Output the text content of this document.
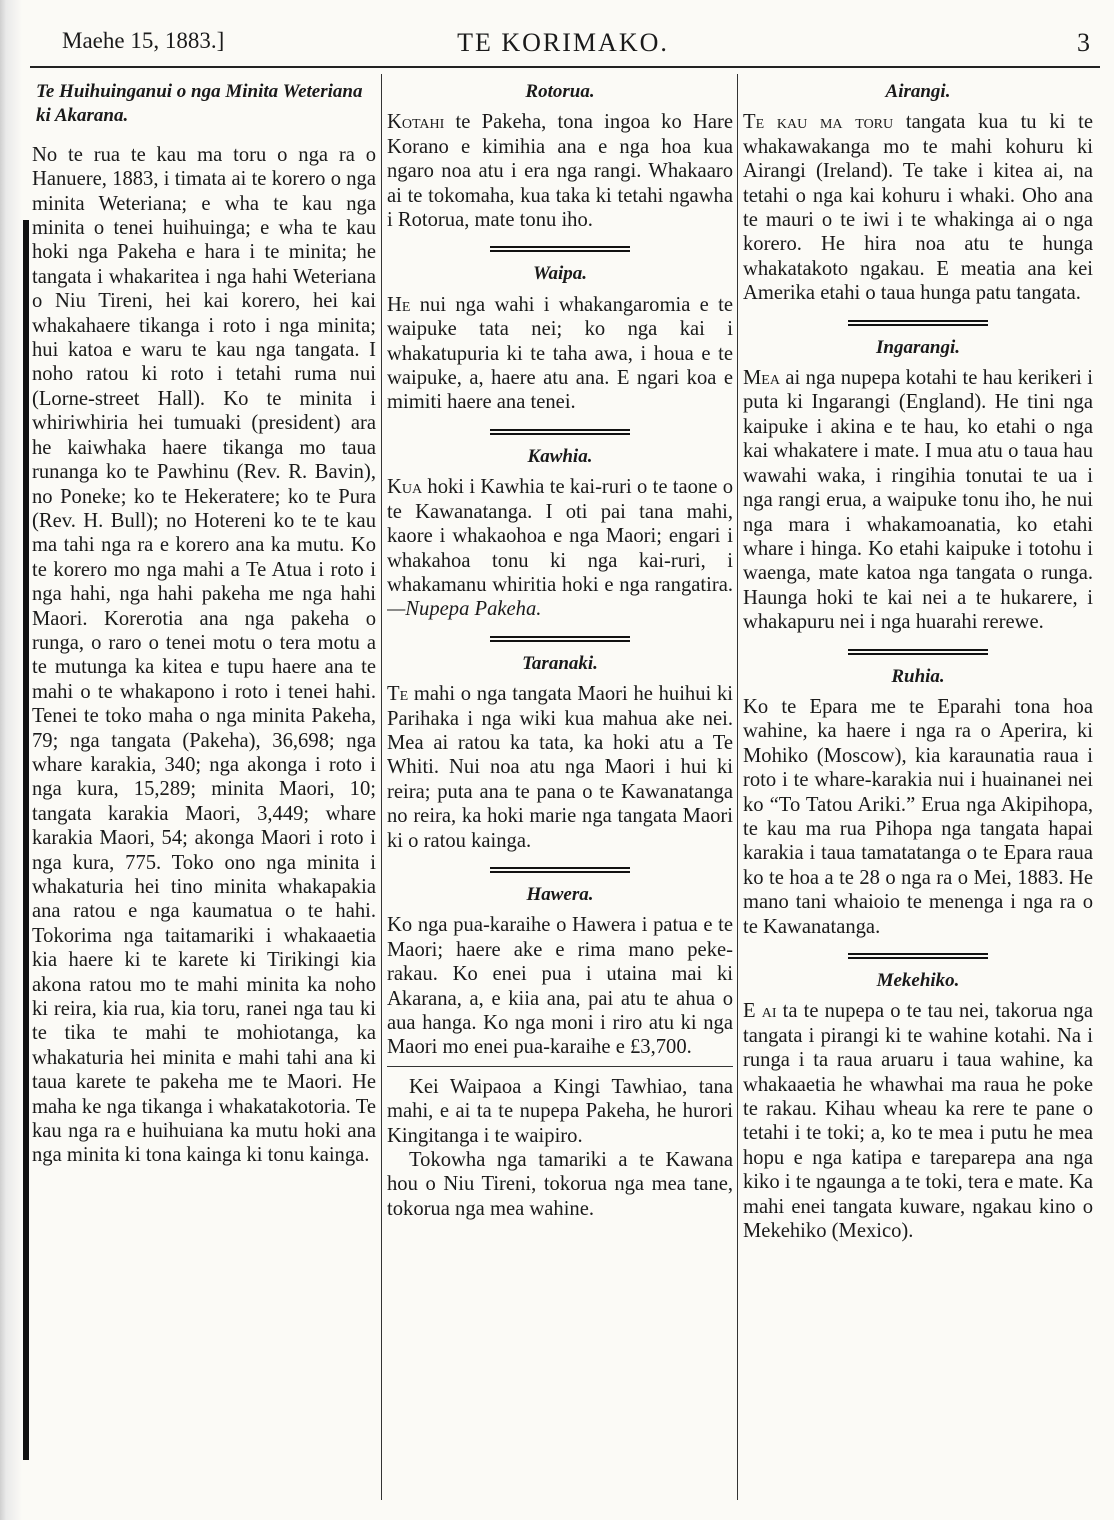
Maehe 15, 1883.]	TE KORIMAKO.	3
Te Huihuinganui o nga Minita Weteriana ki Akarana.

No te rua te kau ma toru o nga ra o Hanuere, 1883, i timata ai te korero o nga minita Weteriana; e wha te kau nga minita o tenei huihuinga; e wha te kau hoki nga Pakeha e hara i te minita; he tangata i whakaritea i nga hahi Weteriana o Niu Tireni, hei kai korero, hei kai whakahaere tikanga i roto i nga minita; hui katoa e waru te kau nga tangata. I noho ratou ki roto i tetahi ruma nui (Lorne-street Hall). Ko te minita i whiriwhiria hei tumuaki (president) ara he kaiwhaka haere tikanga mo taua runanga ko te Pawhinu (Rev. R. Bavin), no Poneke; ko te Hekeratere; ko te Pura (Rev. H. Bull); no Hotereni ko te te kau ma tahi nga ra e korero ana ka mutu. Ko te korero mo nga mahi a Te Atua i roto i nga hahi, nga hahi pakeha me nga hahi Maori. Korerotia ana nga pakeha o runga, o raro o tenei motu o tera motu a te mutunga ka kitea e tupu haere ana te mahi o te whakapono i roto i tenei hahi. Tenei te toko maha o nga minita Pakeha, 79; nga tangata (Pakeha), 36,698; nga whare karakia, 340; nga akonga i roto i nga kura, 15,289; minita Maori, 10; tangata karakia Maori, 3,449; whare karakia Maori, 54; akonga Maori i roto i nga kura, 775. Toko ono nga minita i whakaturia hei tino minita whakapakia ana ratou e nga kaumatua o te hahi. Tokorima nga taitamariki i whakaaetia kia haere ki te karete ki Tirikingi kia akona ratou mo te mahi minita ka noho ki reira, kia rua, kia toru, ranei nga tau ki te tika te mahi te mohiotanga, ka whakaturia hei minita e mahi tahi ana ki taua karete te pakeha me te Maori. He maha ke nga tikanga i whakatakotoria. Te kau nga ra e huihuiana ka mutu hoki ana nga minita ki tona kainga ki tonu kainga.

Rotorua.

Kotahi te Pakeha, tona ingoa ko Hare Korano e kimihia ana e nga hoa kua ngaro noa atu i era nga rangi. Whakaaro ai te tokomaha, kua taka ki tetahi ngawha i Rotorua, mate tonu iho.

Waipa.

He nui nga wahi i whakangaromia e te waipuke tata nei; ko nga kai i whakatupuria ki te taha awa, i houa e te waipuke, a, haere atu ana. E ngari koa e mimiti haere ana tenei.

Kawhia.

Kua hoki i Kawhia te kai-ruri o te taone o te Kawanatanga. I oti pai tana mahi, kaore i whakaohoa e nga Maori; engari i whakahoa tonu ki nga kai-ruri, i whakamanu whiritia hoki e nga rangatira.—Nupepa Pakeha.

Taranaki.

Te mahi o nga tangata Maori he huihui ki Parihaka i nga wiki kua mahua ake nei. Mea ai ratou ka tata, ka hoki atu a Te Whiti. Nui noa atu nga Maori i hui ki reira; puta ana te pana o te Kawanatanga no reira, ka hoki marie nga tangata Maori ki o ratou kainga.

Hawera.

Ko nga pua-karaihe o Hawera i patua e te Maori; haere ake e rima mano peke-rakau. Ko enei pua i utaina mai ki Akarana, a, e kiia ana, pai atu te ahua o aua hanga. Ko nga moni i riro atu ki nga Maori mo enei pua-karaihe e £3,700.

Kei Waipaoa a Kingi Tawhiao, tana mahi, e ai ta te nupepa Pakeha, he hurori Kingitanga i te waipiro.

Tokowha nga tamariki a te Kawana hou o Niu Tireni, tokorua nga mea tane, tokorua nga mea wahine.

Airangi.

Te kau ma toru tangata kua tu ki te whakawakanga mo te mahi kohuru ki Airangi (Ireland). Te take i kitea ai, na tetahi o nga kai kohuru i whaki. Oho ana te mauri o te iwi i te whakinga ai o nga korero. He hira noa atu te hunga whakatakoto ngakau. E meatia ana kei Amerika etahi o taua hunga patu tangata.

Ingarangi.

Mea ai nga nupepa kotahi te hau kerikeri i puta ki Ingarangi (England). He tini nga kaipuke i akina e te hau, ko etahi o nga kai whakatere i mate. I mua atu o taua hau wawahi waka, i ringihia tonutai te ua i nga rangi erua, a waipuke tonu iho, he nui nga mara i whakamoanatia, ko etahi whare i hinga. Ko etahi kaipuke i totohu i waenga, mate katoa nga tangata o runga. Haunga hoki te kai nei a te hukarere, i whakapuru nei i nga huarahi rerewe.

Ruhia.

Ko te Epara me te Eparahi tona hoa wahine, ka haere i nga ra o Aperira, ki Mohiko (Moscow), kia karaunatia raua i roto i te whare-karakia nui i huainanei nei ko “To Tatou Ariki.” Erua nga Akipihopa, te kau ma rua Pihopa nga tangata hapai karakia i taua tamatatanga o te Epara raua ko te hoa a te 28 o nga ra o Mei, 1883. He mano tani whaioio te menenga i nga ra o te Kawanatanga.

Mekehiko.

E ai ta te nupepa o te tau nei, takorua nga tangata i pirangi ki te wahine kotahi. Na i runga i ta raua aruaru i taua wahine, ka whakaaetia he whawhai ma raua he poke te rakau. Kihau wheau ka rere te pane o tetahi i te toki; a, ko te mea i putu he mea hopu e nga katipa e tareparepa ana nga kiko i te ngaunga a te toki, tera e mate. Ka mahi enei tangata kuware, ngakau kino o Mekehiko (Mexico).
